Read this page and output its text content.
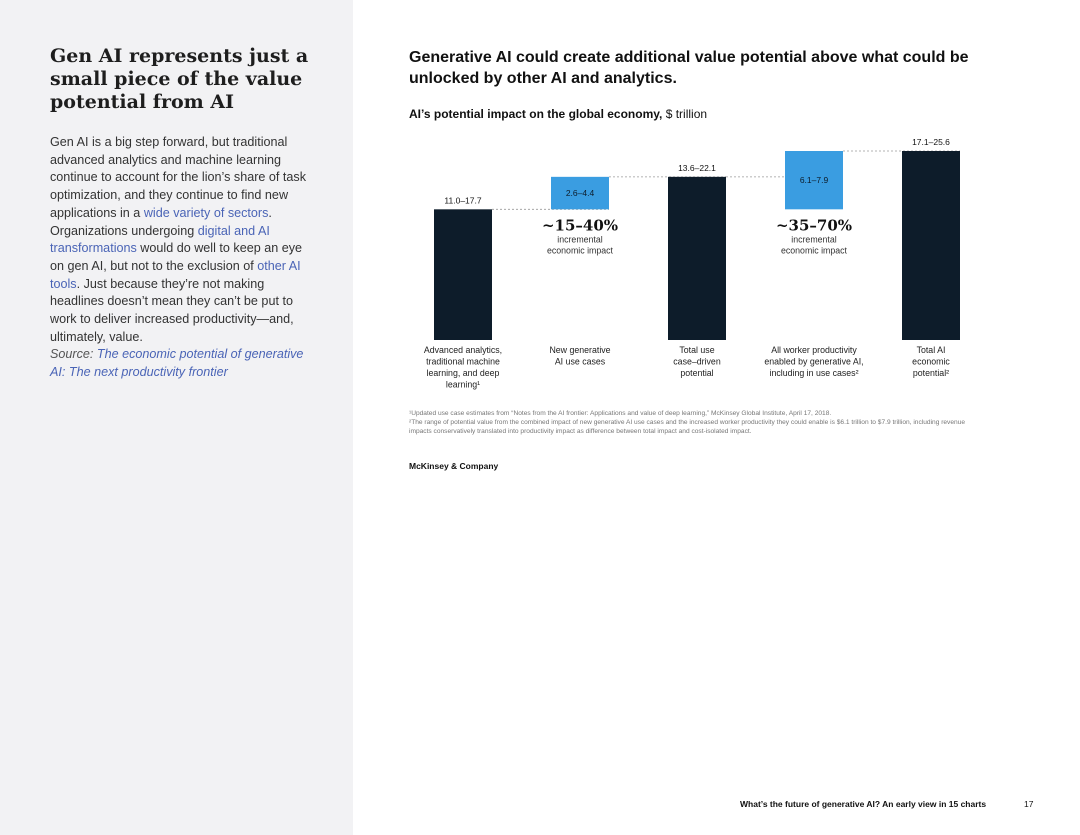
Gen AI represents just a small piece of the value potential from AI

Gen AI is a big step forward, but traditional advanced analytics and machine learning continue to account for the lion’s share of task optimization, and they continue to find new applications in a wide variety of sectors. Organizations undergoing digital and AI transformations would do well to keep an eye on gen AI, but not to the exclusion of other AI tools. Just because they’re not making headlines doesn’t mean they can’t be put to work to deliver increased productivity—and, ultimately, value.

Source: The economic potential of generative AI: The next productivity frontier

Generative AI could create additional value potential above what could be unlocked by other AI and analytics.
AI’s potential impact on the global economy, $ trillion
11.0–17.7
Advanced analytics,
traditional machine
learning, and deep
learning¹
2.6–4.4
~15–40%
incremental
economic impact
New generative
AI use cases
13.6–22.1
Total use
case–driven
potential
6.1–7.9
~35–70%
incremental
economic impact
All worker productivity
enabled by generative AI,
including in use cases²
17.1–25.6
Total AI
economic
potential²
¹Updated use case estimates from “Notes from the AI frontier: Applications and value of deep learning,” McKinsey Global Institute, April 17, 2018.
²The range of potential value from the combined impact of new generative AI use cases and the increased worker productivity they could enable is $6.1 trillion to $7.9 trillion, including revenue impacts conservatively translated into productivity impact as difference between total impact and cost-isolated impact.
McKinsey & Company
What’s the future of generative AI? An early view in 15 charts	17
